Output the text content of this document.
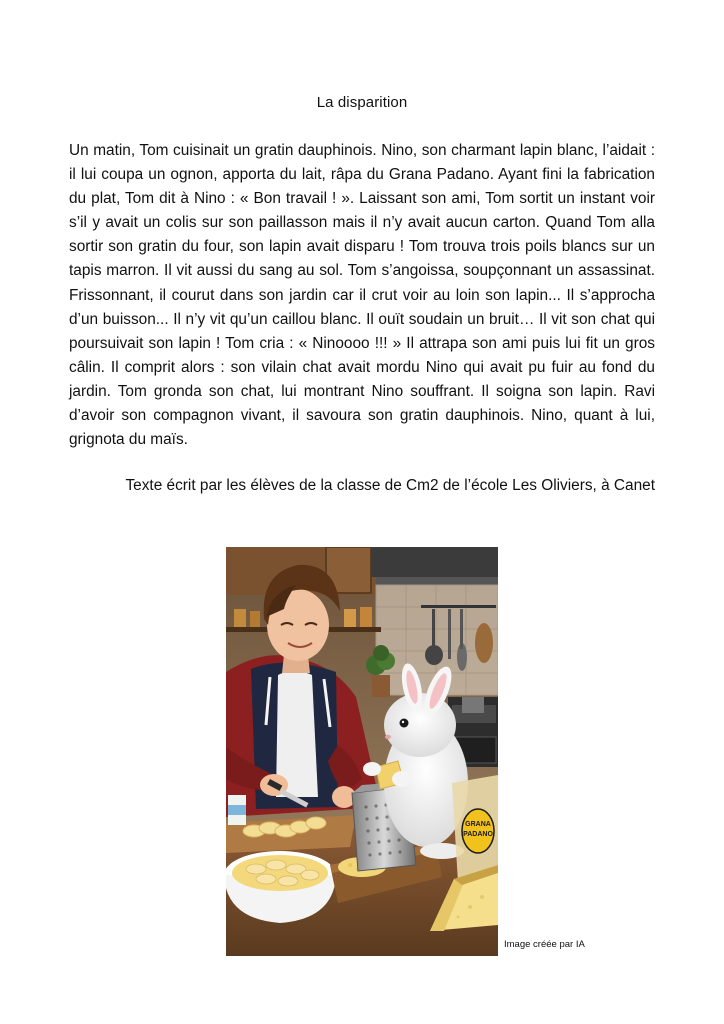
La disparition

Un matin, Tom cuisinait un gratin dauphinois. Nino, son charmant lapin blanc, l’aidait : il lui coupa un ognon, apporta du lait, râpa du Grana Padano. Ayant fini la fabrication du plat, Tom dit à Nino : « Bon travail ! ». Laissant son ami, Tom sortit un instant voir s’il y avait un colis sur son paillasson mais il n’y avait aucun carton. Quand Tom alla sortir son gratin du four, son lapin avait disparu ! Tom trouva trois poils blancs sur un tapis marron. Il vit aussi du sang au sol. Tom s’angoissa, soupçonnant un assassinat. Frissonnant, il courut dans son jardin car il crut voir au loin son lapin... Il s’approcha d’un buisson... Il n’y vit qu’un caillou blanc. Il ouït soudain un bruit… Il vit son chat qui poursuivait son lapin ! Tom cria : « Ninoooo !!! » Il attrapa son ami puis lui fit un gros câlin. Il comprit alors : son vilain chat avait mordu Nino qui avait pu fuir au fond du jardin. Tom gronda son chat, lui montrant Nino souffrant. Il soigna son lapin. Ravi d’avoir son compagnon vivant, il savoura son gratin dauphinois. Nino, quant à lui, grignota du maïs.

Texte écrit par les élèves de la classe de Cm2 de l’école Les Oliviers, à Canet
GRANA
PADANO
Image créée par IA
